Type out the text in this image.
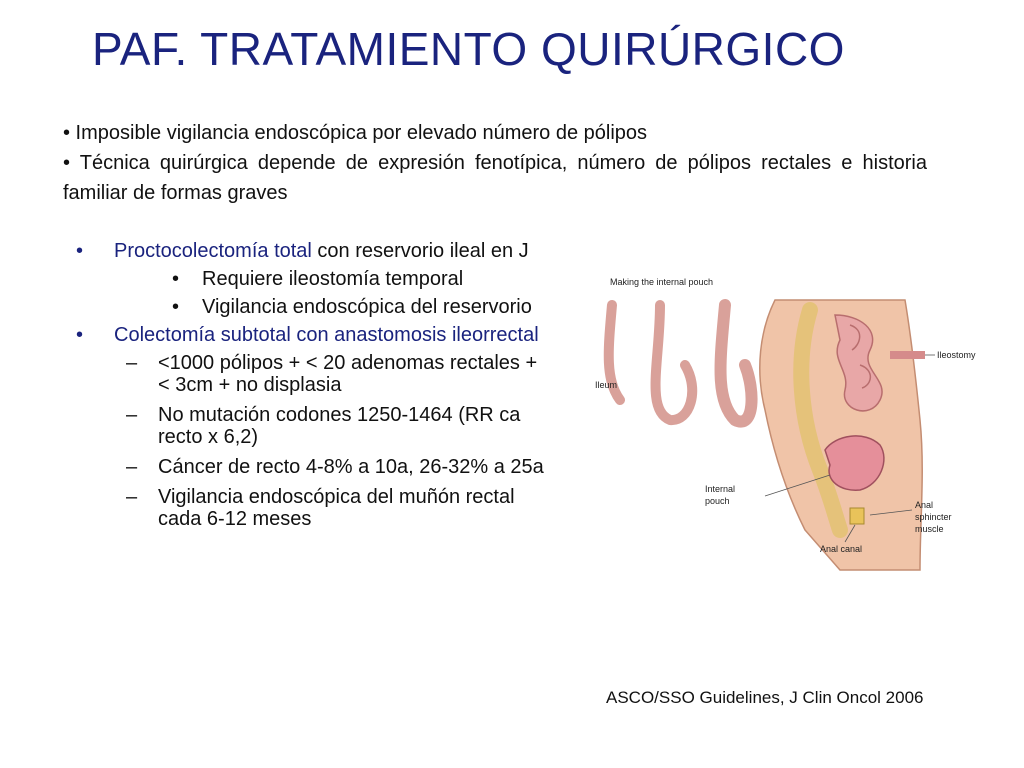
PAF. TRATAMIENTO QUIRÚRGICO
• Imposible vigilancia endoscópica por elevado número de pólipos
• Técnica quirúrgica depende de expresión fenotípica, número de pólipos rectales e historia familiar de formas graves
• Proctocolectomía total con reservorio ileal en J
• Requiere ileostomía temporal
• Vigilancia endoscópica del reservorio
• Colectomía subtotal con anastomosis ileorrectal
– <1000 pólipos + < 20 adenomas rectales + < 3cm + no displasia
– No mutación codones 1250-1464 (RR ca recto x 6,2)
– Cáncer de recto 4-8% a 10a, 26-32% a 25a
– Vigilancia endoscópica del muñón rectal cada 6-12 meses
Making the internal pouch
Ileum
Ileostomy
Internal
pouch	Anal
sphincter
muscle
Anal canal
ASCO/SSO Guidelines, J Clin Oncol 2006
